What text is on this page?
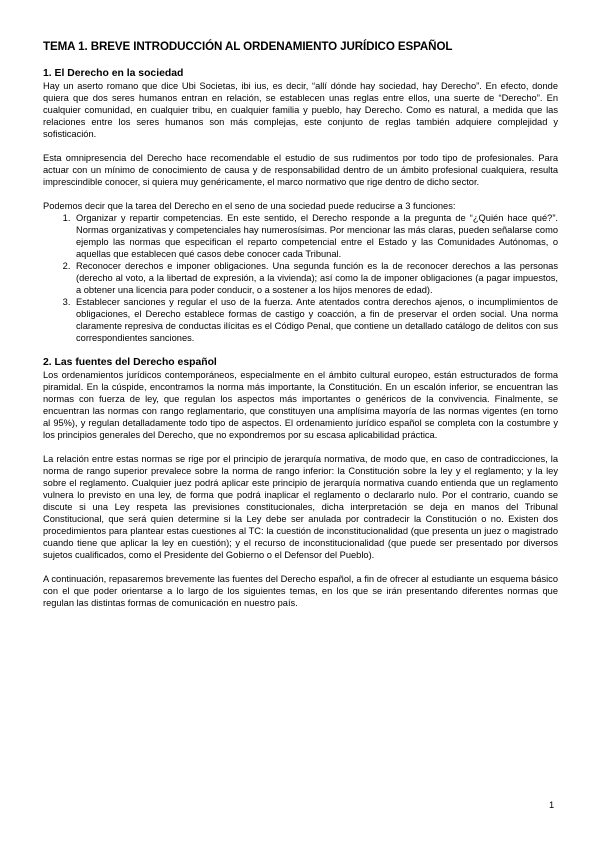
TEMA 1. BREVE INTRODUCCIÓN AL ORDENAMIENTO JURÍDICO ESPAÑOL
1. El Derecho en la sociedad

Hay un aserto romano que dice Ubi Societas, ibi ius, es decir, “allí dónde hay sociedad, hay Derecho”. En efecto, donde quiera que dos seres humanos entran en relación, se establecen unas reglas entre ellos, una suerte de “Derecho”. En cualquier comunidad, en cualquier tribu, en cualquier familia y pueblo, hay Derecho. Como es natural, a medida que las relaciones entre los seres humanos son más complejas, este conjunto de reglas también adquiere complejidad y sofisticación.

Esta omnipresencia del Derecho hace recomendable el estudio de sus rudimentos por todo tipo de profesionales. Para actuar con un mínimo de conocimiento de causa y de responsabilidad dentro de un ámbito profesional cualquiera, resulta imprescindible conocer, si quiera muy genéricamente, el marco normativo que rige dentro de dicho sector.

Podemos decir que la tarea del Derecho en el seno de una sociedad puede reducirse a 3 funciones:

1. Organizar y repartir competencias. En este sentido, el Derecho responde a la pregunta de “¿Quién hace qué?”. Normas organizativas y competenciales hay numerosísimas. Por mencionar las más claras, pueden señalarse como ejemplo las normas que especifican el reparto competencial entre el Estado y las Comunidades Autónomas, o aquellas que establecen qué casos debe conocer cada Tribunal.
2. Reconocer derechos e imponer obligaciones. Una segunda función es la de reconocer derechos a las personas (derecho al voto, a la libertad de expresión, a la vivienda); así como la de imponer obligaciones (a pagar impuestos, a obtener una licencia para poder conducir, o a sostener a los hijos menores de edad).
3. Establecer sanciones y regular el uso de la fuerza. Ante atentados contra derechos ajenos, o incumplimientos de obligaciones, el Derecho establece formas de castigo y coacción, a fin de preservar el orden social. Una norma claramente represiva de conductas ilícitas es el Código Penal, que contiene un detallado catálogo de delitos con sus correspondientes sanciones.
2. Las fuentes del Derecho español

Los ordenamientos jurídicos contemporáneos, especialmente en el ámbito cultural europeo, están estructurados de forma piramidal. En la cúspide, encontramos la norma más importante, la Constitución. En un escalón inferior, se encuentran las normas con fuerza de ley, que regulan los aspectos más importantes o genéricos de la convivencia. Finalmente, se encuentran las normas con rango reglamentario, que constituyen una amplísima mayoría de las normas vigentes (en torno al 95%), y regulan detalladamente todo tipo de aspectos. El ordenamiento jurídico español se completa con la costumbre y los principios generales del Derecho, que no expondremos por su escasa aplicabilidad práctica.

La relación entre estas normas se rige por el principio de jerarquía normativa, de modo que, en caso de contradicciones, la norma de rango superior prevalece sobre la norma de rango inferior: la Constitución sobre la ley y el reglamento; y la ley sobre el reglamento. Cualquier juez podrá aplicar este principio de jerarquía normativa cuando entienda que un reglamento vulnera lo previsto en una ley, de forma que podrá inaplicar el reglamento o declararlo nulo. Por el contrario, cuando se discute si una Ley respeta las previsiones constitucionales, dicha interpretación se deja en manos del Tribunal Constitucional, que será quien determine si la Ley debe ser anulada por contradecir la Constitución o no. Existen dos procedimientos para plantear estas cuestiones al TC: la cuestión de inconstitucionalidad (que presenta un juez o magistrado cuando tiene que aplicar la ley en cuestión); y el recurso de inconstitucionalidad (que puede ser presentado por diversos sujetos cualificados, como el Presidente del Gobierno o el Defensor del Pueblo).

A continuación, repasaremos brevemente las fuentes del Derecho español, a fin de ofrecer al estudiante un esquema básico con el que poder orientarse a lo largo de los siguientes temas, en los que se irán presentando diferentes normas que regulan las distintas formas de comunicación en nuestro país.

1
